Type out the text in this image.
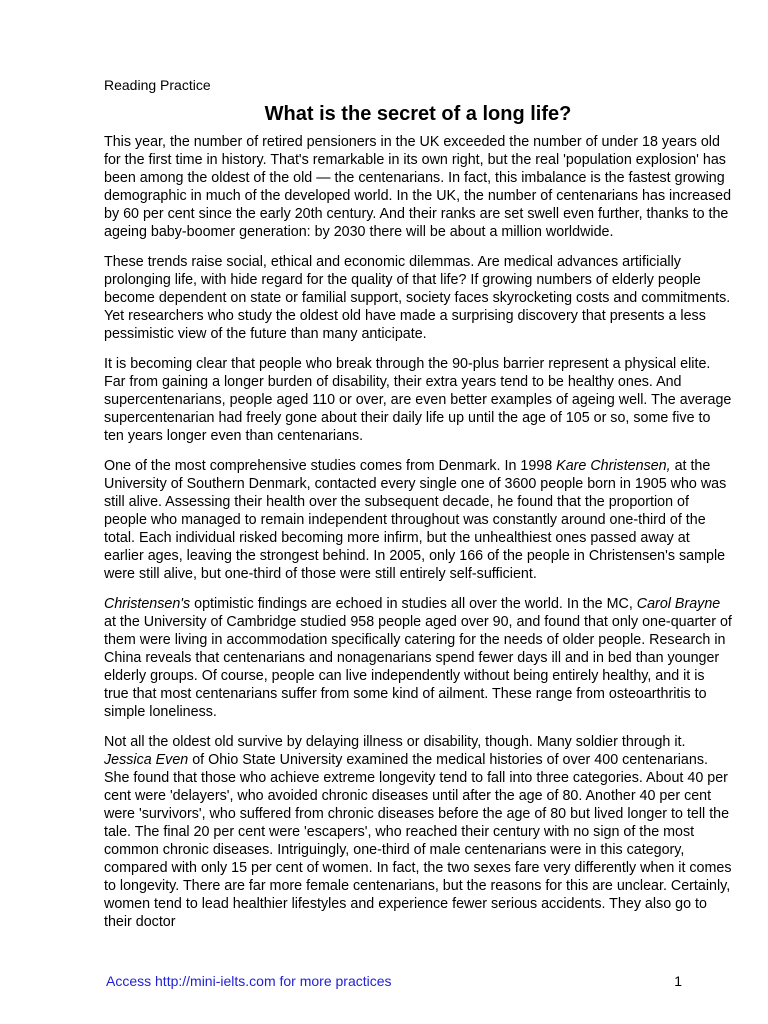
Reading Practice
What is the secret of a long life?

This year, the number of retired pensioners in the UK exceeded the number of under 18 years old for the first time in history. That's remarkable in its own right, but the real 'population explosion' has been among the oldest of the old — the centenarians. In fact, this imbalance is the fastest growing demographic in much of the developed world. In the UK, the number of centenarians has increased by 60 per cent since the early 20th century. And their ranks are set swell even further, thanks to the ageing baby-boomer generation: by 2030 there will be about a million worldwide.

These trends raise social, ethical and economic dilemmas. Are medical advances artificially prolonging life, with hide regard for the quality of that life? If growing numbers of elderly people become dependent on state or familial support, society faces skyrocketing costs and commitments. Yet researchers who study the oldest old have made a surprising discovery that presents a less pessimistic view of the future than many anticipate.

It is becoming clear that people who break through the 90-plus barrier represent a physical elite. Far from gaining a longer burden of disability, their extra years tend to be healthy ones. And supercentenarians, people aged 110 or over, are even better examples of ageing well. The average supercentenarian had freely gone about their daily life up until the age of 105 or so, some five to ten years longer even than centenarians.

One of the most comprehensive studies comes from Denmark. In 1998 Kare Christensen, at the University of Southern Denmark, contacted every single one of 3600 people born in 1905 who was still alive. Assessing their health over the subsequent decade, he found that the proportion of people who managed to remain independent throughout was constantly around one-third of the total. Each individual risked becoming more infirm, but the unhealthiest ones passed away at earlier ages, leaving the strongest behind. In 2005, only 166 of the people in Christensen's sample were still alive, but one-third of those were still entirely self-sufficient.

Christensen's optimistic findings are echoed in studies all over the world. In the MC, Carol Brayne at the University of Cambridge studied 958 people aged over 90, and found that only one-quarter of them were living in accommodation specifically catering for the needs of older people. Research in China reveals that centenarians and nonagenarians spend fewer days ill and in bed than younger elderly groups. Of course, people can live independently without being entirely healthy, and it is true that most centenarians suffer from some kind of ailment. These range from osteoarthritis to simple loneliness.

Not all the oldest old survive by delaying illness or disability, though. Many soldier through it. Jessica Even of Ohio State University examined the medical histories of over 400 centenarians. She found that those who achieve extreme longevity tend to fall into three categories. About 40 per cent were 'delayers', who avoided chronic diseases until after the age of 80. Another 40 per cent were 'survivors', who suffered from chronic diseases before the age of 80 but lived longer to tell the tale. The final 20 per cent were 'escapers', who reached their century with no sign of the most common chronic diseases. Intriguingly, one-third of male centenarians were in this category, compared with only 15 per cent of women. In fact, the two sexes fare very differently when it comes to longevity. There are far more female centenarians, but the reasons for this are unclear. Certainly, women tend to lead healthier lifestyles and experience fewer serious accidents. They also go to their doctor

Access http://mini-ielts.com for more practices	1
